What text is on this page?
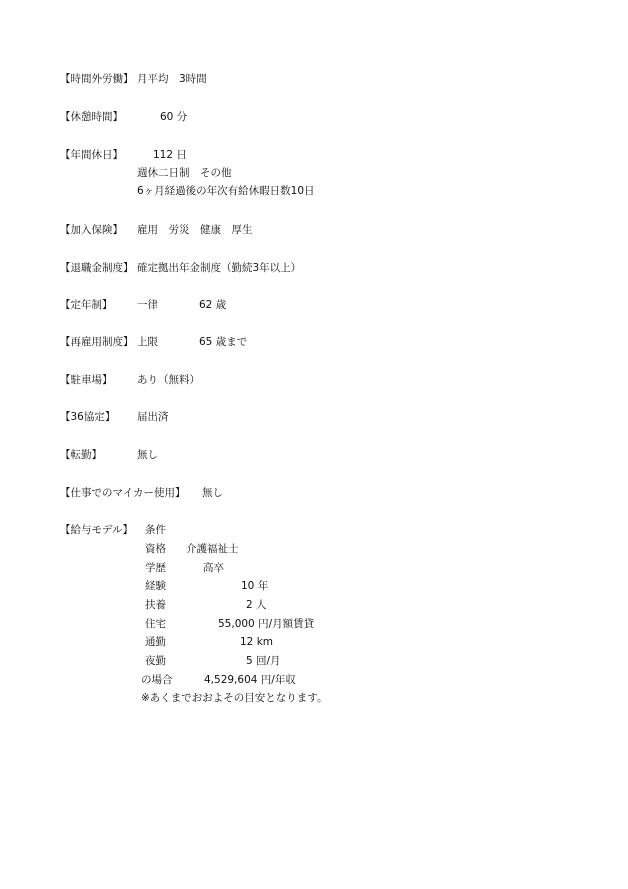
【時間外労働】 月平均　3時間
【休憩時間】	60 分
【年間休日】	112 日
週休二日制　その他
6ヶ月経過後の年次有給休暇日数10日
【加入保険】 雇用　労災　健康　厚生
【退職金制度】 確定拠出年金制度（勤続3年以上）
【定年制】 一律	62 歳
【再雇用制度】 上限	65 歳まで
【駐車場】 あり（無料）
【36協定】 届出済
【転勤】	無し
【仕事でのマイカー使用】 無し
【給与モデル】 条件
資格 介護福祉士
学歴	高卒
経験	10 年
扶養	2 人
住宅	55,000 円/月額賃貸
通勤	12 km
夜勤	5 回/月
の場合	4,529,604 円/年収
※あくまでおおよその目安となります。
